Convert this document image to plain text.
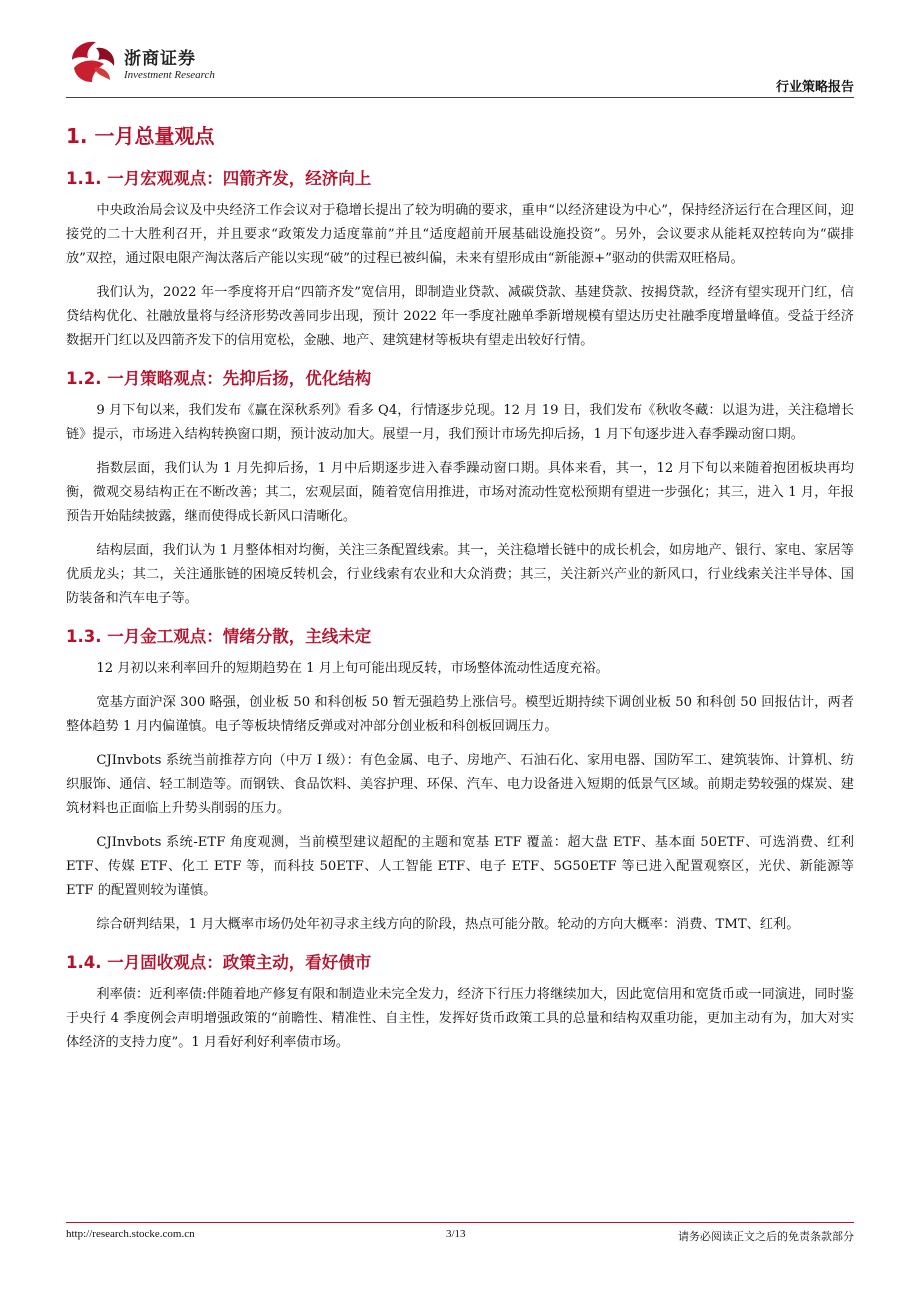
浙商证券
Investment Research
行业策略报告
1. 一月总量观点
1.1. 一月宏观观点：四箭齐发，经济向上

中央政治局会议及中央经济工作会议对于稳增长提出了较为明确的要求，重申“以经济建设为中心”，保持经济运行在合理区间，迎接党的二十大胜利召开，并且要求“政策发力适度靠前”并且“适度超前开展基础设施投资”。另外，会议要求从能耗双控转向为“碳排放”双控，通过限电限产淘汰落后产能以实现“破”的过程已被纠偏，未来有望形成由“新能源+”驱动的供需双旺格局。

我们认为，2022 年一季度将开启“四箭齐发”宽信用，即制造业贷款、减碳贷款、基建贷款、按揭贷款，经济有望实现开门红，信贷结构优化、社融放量将与经济形势改善同步出现，预计 2022 年一季度社融单季新增规模有望达历史社融季度增量峰值。受益于经济数据开门红以及四箭齐发下的信用宽松，金融、地产、建筑建材等板块有望走出较好行情。

1.2. 一月策略观点：先抑后扬，优化结构

9 月下旬以来，我们发布《赢在深秋系列》看多 Q4，行情逐步兑现。12 月 19 日，我们发布《秋收冬藏：以退为进，关注稳增长链》提示，市场进入结构转换窗口期，预计波动加大。展望一月，我们预计市场先抑后扬，1 月下旬逐步进入春季躁动窗口期。

指数层面，我们认为 1 月先抑后扬，1 月中后期逐步进入春季躁动窗口期。具体来看，其一，12 月下旬以来随着抱团板块再均衡，微观交易结构正在不断改善；其二，宏观层面，随着宽信用推进，市场对流动性宽松预期有望进一步强化；其三，进入 1 月，年报预告开始陆续披露，继而使得成长新风口清晰化。

结构层面，我们认为 1 月整体相对均衡，关注三条配置线索。其一，关注稳增长链中的成长机会，如房地产、银行、家电、家居等优质龙头；其二，关注通胀链的困境反转机会，行业线索有农业和大众消费；其三，关注新兴产业的新风口，行业线索关注半导体、国防装备和汽车电子等。

1.3. 一月金工观点：情绪分散，主线未定

12 月初以来利率回升的短期趋势在 1 月上旬可能出现反转，市场整体流动性适度充裕。

宽基方面沪深 300 略强，创业板 50 和科创板 50 暂无强趋势上涨信号。模型近期持续下调创业板 50 和科创 50 回报估计，两者整体趋势 1 月内偏谨慎。电子等板块情绪反弹或对冲部分创业板和科创板回调压力。

CJInvbots 系统当前推荐方向（中万 I 级）：有色金属、电子、房地产、石油石化、家用电器、国防军工、建筑装饰、计算机、纺织服饰、通信、轻工制造等。而钢铁、食品饮料、美容护理、环保、汽车、电力设备进入短期的低景气区域。前期走势较强的煤炭、建筑材料也正面临上升势头削弱的压力。

CJInvbots 系统-ETF 角度观测，当前模型建议超配的主题和宽基 ETF 覆盖：超大盘 ETF、基本面 50ETF、可选消费、红利 ETF、传媒 ETF、化工 ETF 等，而科技 50ETF、人工智能 ETF、电子 ETF、5G50ETF 等已进入配置观察区，光伏、新能源等 ETF 的配置则较为谨慎。

综合研判结果，1 月大概率市场仍处年初寻求主线方向的阶段，热点可能分散。轮动的方向大概率：消费、TMT、红利。

1.4. 一月固收观点：政策主动，看好债市

利率债：近利率债:伴随着地产修复有限和制造业未完全发力，经济下行压力将继续加大，因此宽信用和宽货币或一同演进，同时鉴于央行 4 季度例会声明增强政策的“前瞻性、精准性、自主性，发挥好货币政策工具的总量和结构双重功能，更加主动有为，加大对实体经济的支持力度”。1 月看好利好利率债市场。

http://research.stocke.com.cn	3/13	请务必阅读正文之后的免责条款部分
